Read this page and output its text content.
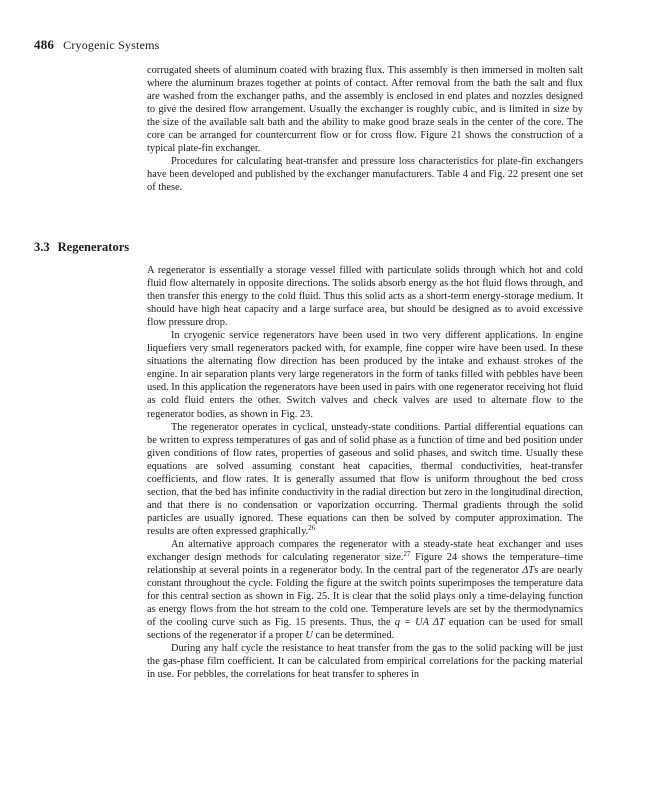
486 Cryogenic Systems

corrugated sheets of aluminum coated with brazing flux. This assembly is then immersed in molten salt where the aluminum brazes together at points of contact. After removal from the bath the salt and flux are washed from the exchanger paths, and the assembly is enclosed in end plates and nozzles designed to give the desired flow arrangement. Usually the exchanger is roughly cubic, and is limited in size by the size of the available salt bath and the ability to make good braze seals in the center of the core. The core can be arranged for countercurrent flow or for cross flow. Figure 21 shows the construction of a typical plate-fin exchanger.

Procedures for calculating heat-transfer and pressure loss characteristics for plate-fin exchangers have been developed and published by the exchanger manufacturers. Table 4 and Fig. 22 present one set of these.

3.3 Regenerators

A regenerator is essentially a storage vessel filled with particulate solids through which hot and cold fluid flow alternately in opposite directions. The solids absorb energy as the hot fluid flows through, and then transfer this energy to the cold fluid. Thus this solid acts as a short-term energy-storage medium. It should have high heat capacity and a large surface area, but should be designed as to avoid excessive flow pressure drop.

In cryogenic service regenerators have been used in two very different applications. In engine liquefiers very small regenerators packed with, for example, fine copper wire have been used. In these situations the alternating flow direction has been produced by the intake and exhaust strokes of the engine. In air separation plants very large regenerators in the form of tanks filled with pebbles have been used. In this application the regenerators have been used in pairs with one regenerator receiving hot fluid as cold fluid enters the other. Switch valves and check valves are used to alternate flow to the regenerator bodies, as shown in Fig. 23.

The regenerator operates in cyclical, unsteady-state conditions. Partial differential equations can be written to express temperatures of gas and of solid phase as a function of time and bed position under given conditions of flow rates, properties of gaseous and solid phases, and switch time. Usually these equations are solved assuming constant heat capacities, thermal conductivities, heat-transfer coefficients, and flow rates. It is generally assumed that flow is uniform throughout the bed cross section, that the bed has infinite conductivity in the radial direction but zero in the longitudinal direction, and that there is no condensation or vaporization occurring. Thermal gradients through the solid particles are usually ignored. These equations can then be solved by computer approximation. The results are often expressed graphically.$^{26}$

An alternative approach compares the regenerator with a steady-state heat exchanger and uses exchanger design methods for calculating regenerator size.$^{27}$ Figure 24 shows the temperature–time relationship at several points in a regenerator body. In the central part of the regenerator ΔTs are nearly constant throughout the cycle. Folding the figure at the switch points superimposes the temperature data for this central section as shown in Fig. 25. It is clear that the solid plays only a time-delaying function as energy flows from the hot stream to the cold one. Temperature levels are set by the thermodynamics of the cooling curve such as Fig. 15 presents. Thus, the q = UA ΔT equation can be used for small sections of the regenerator if a proper U can be determined.

During any half cycle the resistance to heat transfer from the gas to the solid packing will be just the gas-phase film coefficient. It can be calculated from empirical correlations for the packing material in use. For pebbles, the correlations for heat transfer to spheres in
